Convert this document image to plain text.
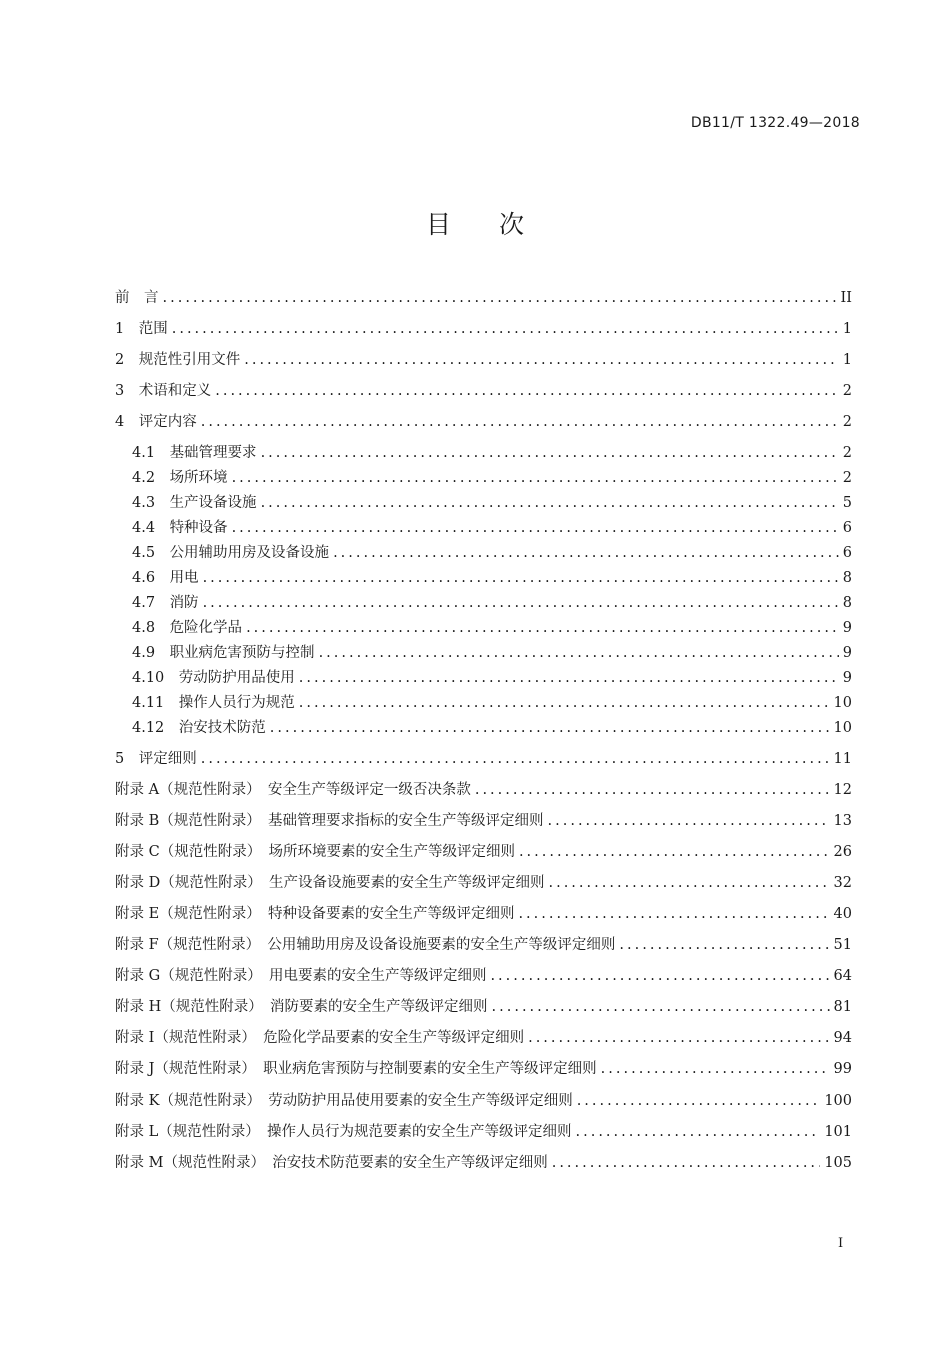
DB11/T 1322.49—2018
目 次
前　言 .....	II
1　 范围 .....	1
2　 规范性引用文件 .....	1
3　 术语和定义 .....	2
4　 评定内容 .....	2
4.1　 基础管理要求 .....	2
4.2　 场所环境 .....	2
4.3　 生产设备设施 .....	5
4.4　 特种设备 .....	6
4.5　 公用辅助用房及设备设施 .....	6
4.6　 用电 .....	8
4.7　 消防 .....	8
4.8　 危险化学品 .....	9
4.9　 职业病危害预防与控制 .....	9
4.10　 劳动防护用品使用 .....	9
4.11　 操作人员行为规范 .....	10
4.12　 治安技术防范 .....	10
5　 评定细则 .....	11
附录 A（规范性附录）　 安全生产等级评定一级否决条款 .....	12
附录 B（规范性附录）　 基础管理要求指标的安全生产等级评定细则 .....	13
附录 C（规范性附录）　 场所环境要素的安全生产等级评定细则 .....	26
附录 D（规范性附录）　 生产设备设施要素的安全生产等级评定细则 .....	32
附录 E（规范性附录）　 特种设备要素的安全生产等级评定细则 .....	40
附录 F（规范性附录）　 公用辅助用房及设备设施要素的安全生产等级评定细则 .....	51
附录 G（规范性附录）　 用电要素的安全生产等级评定细则 .....	64
附录 H（规范性附录）　 消防要素的安全生产等级评定细则 .....	81
附录 I（规范性附录）　 危险化学品要素的安全生产等级评定细则 .....	94
附录 J（规范性附录）　 职业病危害预防与控制要素的安全生产等级评定细则 .....	99
附录 K（规范性附录）　 劳动防护用品使用要素的安全生产等级评定细则 .....	100
附录 L（规范性附录）　 操作人员行为规范要素的安全生产等级评定细则 .....	101
附录 M（规范性附录）　 治安技术防范要素的安全生产等级评定细则 .....	105
I
